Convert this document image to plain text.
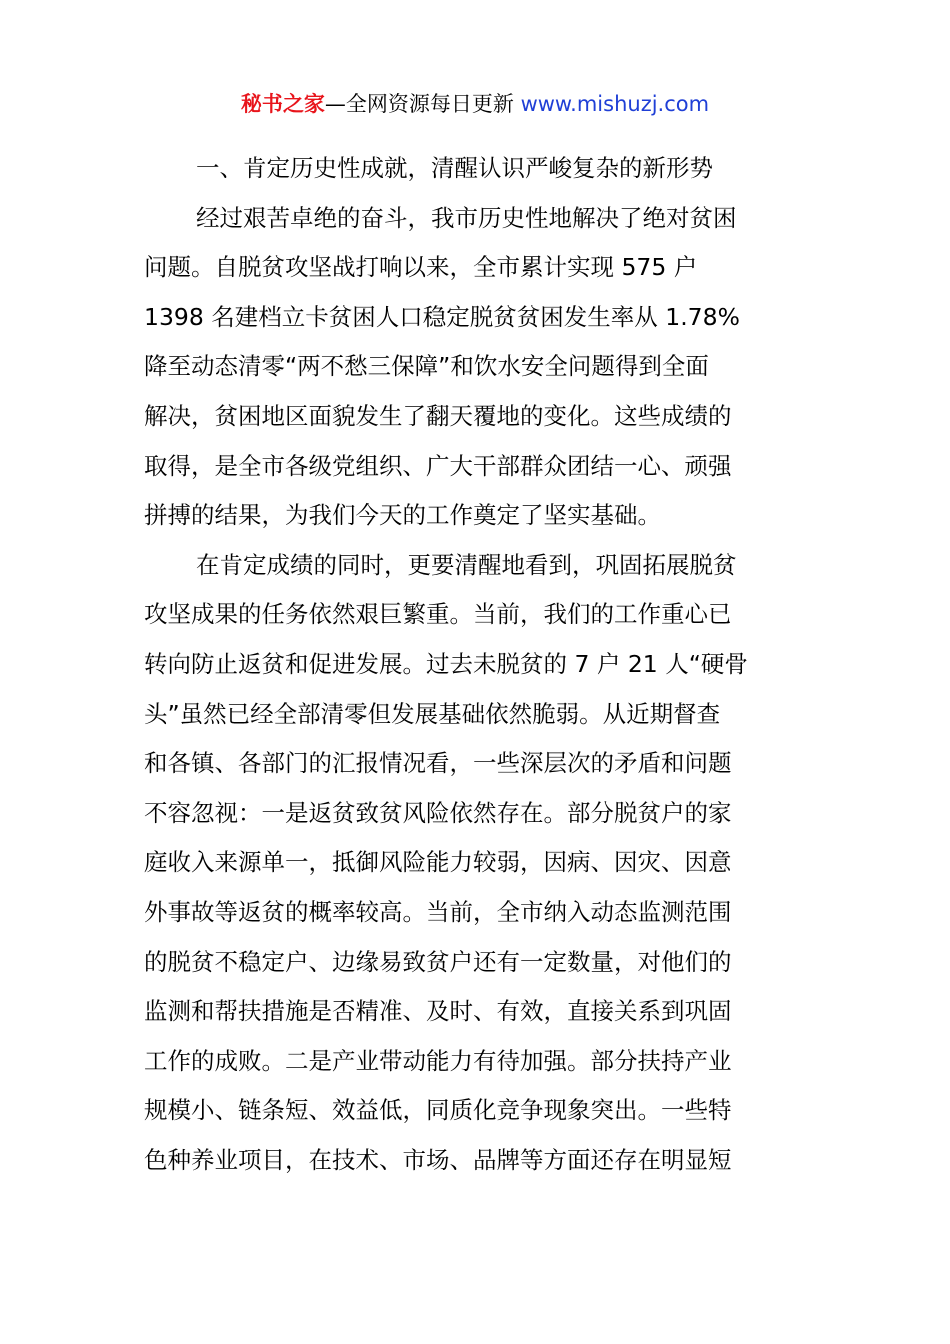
秘书之家—全网资源每日更新 www.mishuzj.com
一、肯定历史性成就，清醒认识严峻复杂的新形势
经过艰苦卓绝的奋斗，我市历史性地解决了绝对贫困
问题。自脱贫攻坚战打响以来，全市累计实现 575 户
1398 名建档立卡贫困人口稳定脱贫贫困发生率从 1.78%
降至动态清零“两不愁三保障”和饮水安全问题得到全面
解决，贫困地区面貌发生了翻天覆地的变化。这些成绩的
取得，是全市各级党组织、广大干部群众团结一心、顽强
拼搏的结果，为我们今天的工作奠定了坚实基础。
在肯定成绩的同时，更要清醒地看到，巩固拓展脱贫
攻坚成果的任务依然艰巨繁重。当前，我们的工作重心已
转向防止返贫和促进发展。过去未脱贫的 7 户 21 人“硬骨
头”虽然已经全部清零但发展基础依然脆弱。从近期督查
和各镇、各部门的汇报情况看，一些深层次的矛盾和问题
不容忽视：一是返贫致贫风险依然存在。部分脱贫户的家
庭收入来源单一，抵御风险能力较弱，因病、因灾、因意
外事故等返贫的概率较高。当前，全市纳入动态监测范围
的脱贫不稳定户、边缘易致贫户还有一定数量，对他们的
监测和帮扶措施是否精准、及时、有效，直接关系到巩固
工作的成败。二是产业带动能力有待加强。部分扶持产业
规模小、链条短、效益低，同质化竞争现象突出。一些特
色种养业项目，在技术、市场、品牌等方面还存在明显短
